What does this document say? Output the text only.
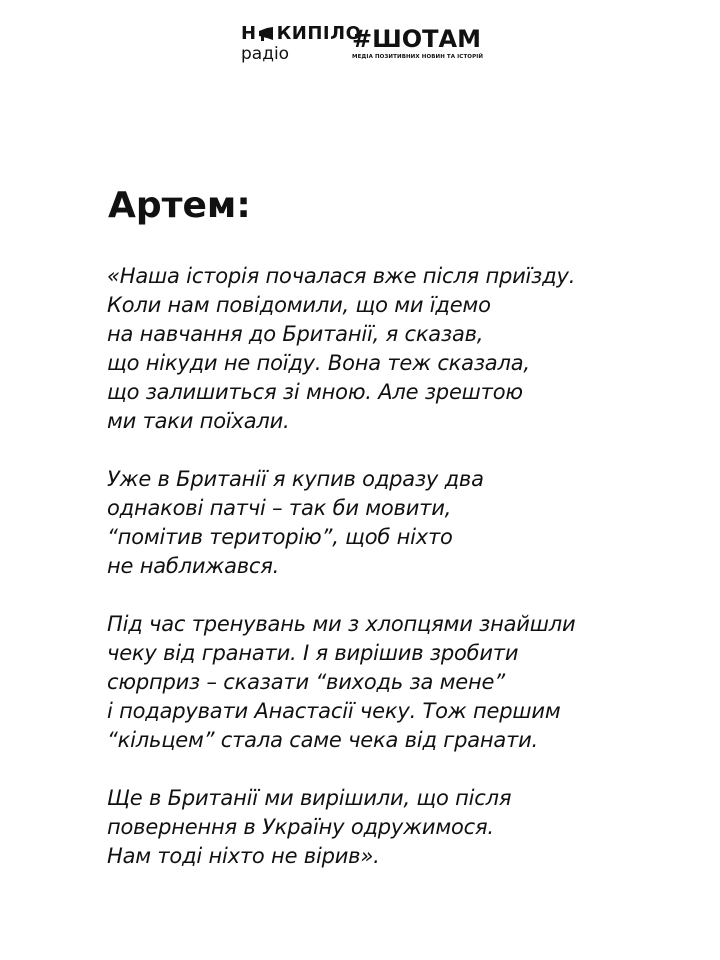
Н КИПІЛО
радіо
#ШОТАМ
МЕДІА ПОЗИТИВНИХ НОВИН ТА ІСТОРІЙ
Артем:

«Наша історія почалася вже після приїзду.
Коли нам повідомили, що ми їдемо
на навчання до Британії, я сказав,
що нікуди не поїду. Вона теж сказала,
що залишиться зі мною. Але зрештою
ми таки поїхали.

Уже в Британії я купив одразу два
однакові патчі – так би мовити,
“помітив територію”, щоб ніхто
не наближався.

Під час тренувань ми з хлопцями знайшли
чеку від гранати. І я вирішив зробити
сюрприз – сказати “виходь за мене”
і подарувати Анастасії чеку. Тож першим
“кільцем” стала саме чека від гранати.

Ще в Британії ми вирішили, що після
повернення в Україну одружимося.
Нам тоді ніхто не вірив».
